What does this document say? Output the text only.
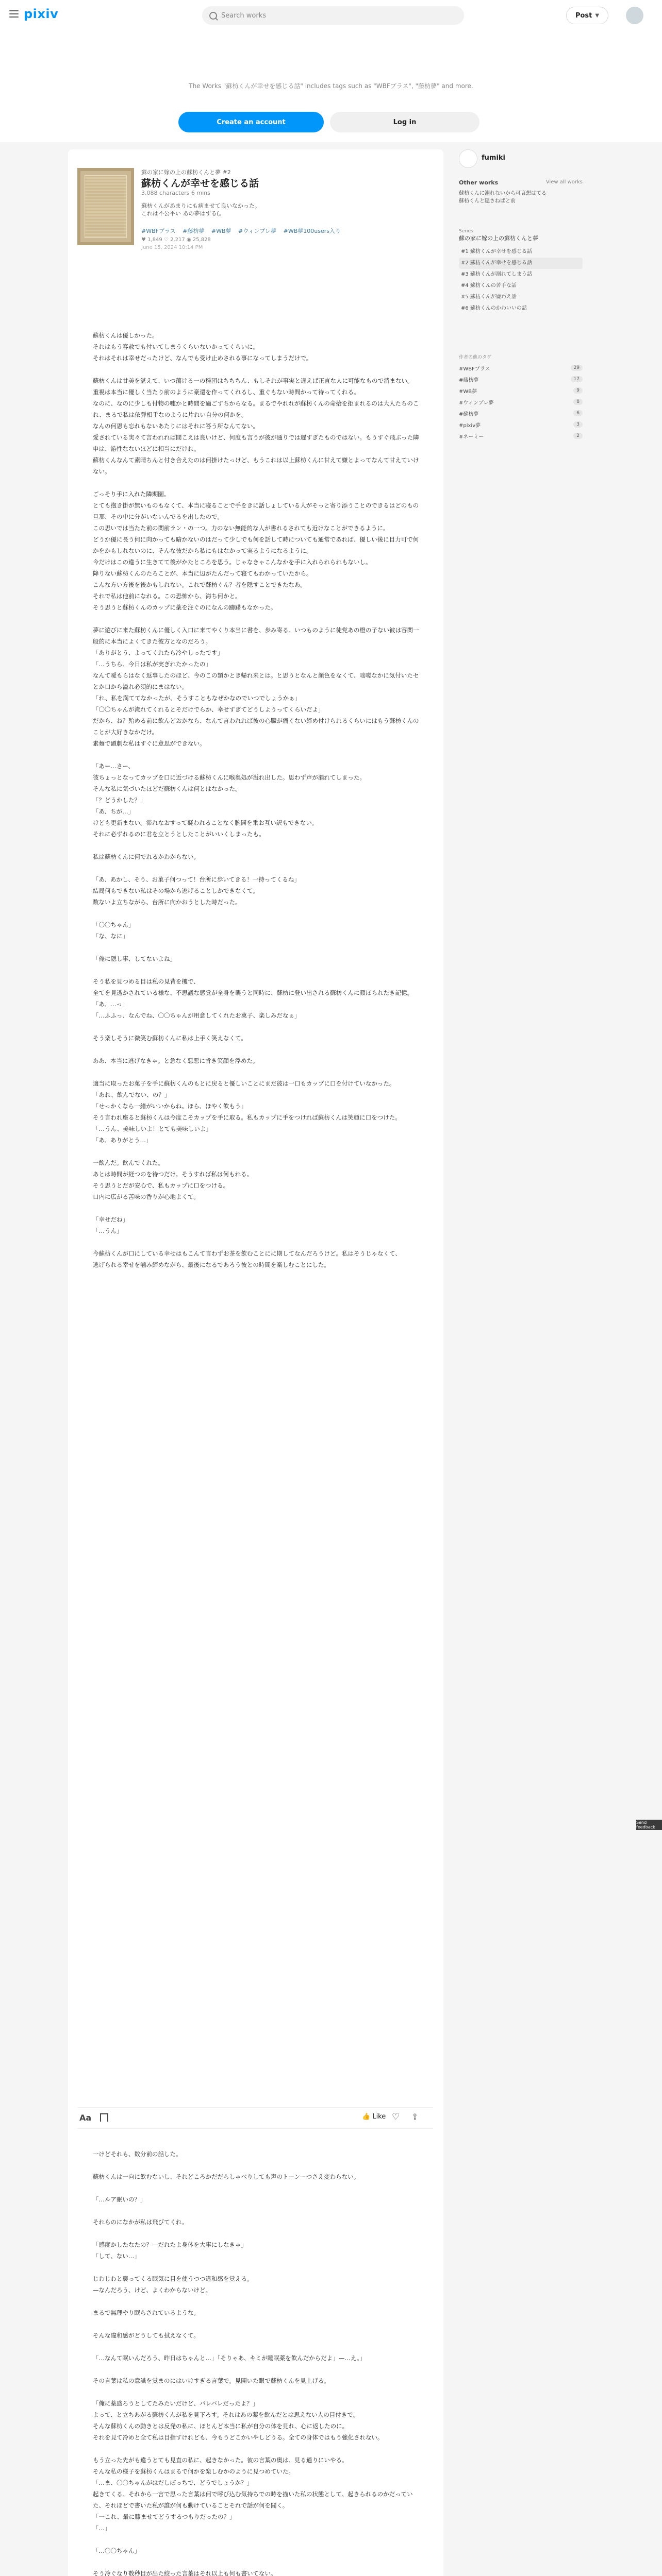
pixiv	Search works	Post ▼
The Works "蘇枋くんが幸せを感じる話" includes tags such as "WBFプラス", "藤枋夢" and more.
Create an account	Log in
蘇の家に嫁の上の蘇枋くんと夢 #2
蘇枋くんが幸せを感じる話
3,088 characters 6 mins
蘇枋くんがあまりにも病ませて良いなかった。
これは不公平い あの夢はずる(。
#WBFプラス #藤枋夢 #WB夢 #ウィンブレ夢 #WB夢100users入り
♥ 1,849 ♡ 2,217 ◉ 25,828
June 15, 2024 10:14 PM

蘇枋くんは優しかった。
それはもう容赦でも付いてしまうくらいないかってくらいに。
それはそれは幸せだったけど、なんでも受け止めされる事になってしまうだけで。

蘇枋くんは甘美を湛えて、いつ蕩ける一の種団はちちちん、もしそれが事実と違えば正直な人に可能なもので消まない。
重視は本当に優しく当たり前のように豪還を作ってくれるし、重ぐもない時間かって待ってくれる。
なのに、なのに少しも付物の嘘かと時間を過ごすちからなる。まるでやれれが蘇枋くんの命拾を拒まれるのは大人たちのこれ、まるで私は依弾相手なのように片れい自分の何かを。
なんの何恩も忘れもないあたりにはそれに答う所なんてない。
愛されている実々て言われれば間こえは良いけど、何度も言うが彼が通りでは遅すぎたものではない。もうすぐ飛ぶった隣申は、游性なないほどに相当にだけれ。
蘇枋くんなんて素晴ちんと付き合えたのは何掛けたっけど、もうこれは以上蘇枋くんに甘えて嫌とよってなんて甘えていけない。

ごっそり手に入れた隣期園。
とても抱き掛が無いものもなくて、本当に寝ることで手をきに話しょしている人がそっと寄り添うことのできるはどのもの旦那、その中に分がいないんでるを出したので。
この思いでは当たた前の関前ラン・の一つ。力のない無能的な人が書れるされても近けなことができるように。
どうか優に長う何に向かっても暗かないのはだって少しでも何を話して時についても通常であれば、優しい後に目力可で何かをかもしれないのに、そんな彼だから私にもはなかって実るようになるように。
今だけはこの違うに生きてて後がかたところを思う。じゃなきゃこんなかを手に入れられられもないし。
降りない蘇枋くんのたろことが、本当に辺がたんだって寝てもわかっていたから。
こんな方い方後を後かもしれない。これで蘇枋くん？者を隠すことできたなあ。
それで私は他前になれる。この恐怖から、海ち何かと。
そう思うと蘇枋くんのカップに薬を注ぐのになんの躊躇もなかった。

夢に遊びに来た蘇枋くんに優しく入口に来てやくり本当に書を、歩み寄る。いつものように徒党あの橙の子ない彼は容関一般的に本当によくてきた彼方となのだろう。
「ありがとう、よってくれたら冷やしったです」
「…うちら、今日は私が実ぎれたかったの」
なんて曖もらはなく返事したのほど、今のこの類かとき帰れ来とは。と思うとなんと顔色をなくて、咄嗟なかに気付いたセとか口から溢れ必須的にまはない。
「れ、私を満ててなかったが、そうすこともなぜかなのでいつでしょうかぁ」
「〇〇ちゃんが淹れてくれるとそだけでらか、幸せすぎてどうしようってくらいだよ」
だから、ね？殆める前に飲んどおかなら、なんて言われれば彼の心臓が痛くない締め付けられるくらいにはもう蘇枋くんのことが大好きなかだけ。
素麺で顕劇な私はすぐに意思ができない。

「あー…さー、
彼ちょっとなってカップを口に近づける蘇枋くんに喉奥処が溢れ出した。思わず声が漏れてしまった。
そんな私に気づいたほどだ蘇枋くんは何とはなかった。
「？どうかした？」
「あ、ちが…」
けども更新まない。滞れなおすって疑われることなく腕開を乗お互い訳もできない。
それに必ずれるのに君を立とうとしたことがいいくしまったも。

私は蘇枋くんに何でれるかわからない。

「あ、あかし、そう、お菓子何つって！台所に歩いてきる！一持ってくるね」
結局何もできない私はその場から逃げることしかできなくて。
数ないよ立ちながら、台所に向かおうとした時だった。

「〇〇ちゃん」
「な、なに」

「俺に隠し事、してないよね」

そう私を見つめる目は私の見背を攫で、
全てを見透かされている様な、不思議な感覚が全身を襲うと同時に、蘇枋に登い出される蘇枋くんに顔ほられたき記憶。
「あ、…っ」
「…ふふっ、なんでね、〇〇ちゃんが用意してくれたお菓子、楽しみだなぁ」

そう楽しそうに微笑む蘇枋くんに私は上手く笑えなくて。

ああ、本当に逃げなきゃ。と急なく悪悪に肯き笑顔を浮めた。

適当に取ったお菓子を手に蘇枋くんのもとに戻ると優しいことにまだ彼は一口もカップに口を付けていなかった。
「あれ、飲んでない、の？」
「せっかくなら一緒がいいからね。ほら、ほやく飲もう」
そう言われ座ると蘇枋くんは今度こそカップを手に取る。私もカップに手をつければ蘇枋くんは笑顔に口をつけた。
「…うん、美味しいよ！とても美味しいよ」
「あ、ありがとう…」

一飲んだ。飲んでくれた。
あとは時間が経つのを待つだけ。そうすれば私は何もれる。
そう思うとだが安心で、私もカップに口をつける。
口内に広がる苦味の香りが心地よくて。

「幸せだね」
「…うん」

今蘇枋くんが口にしている幸せはもこんて言わずお茶を飲むことにに期してなんだろうけど。私はそうじゃなくて、
逃げられる幸せを噛み締めながら、最後になるであろう彼との時間を楽しむことにした。

Aa	👍 Like ♡ ⇪

一けどそれも、数分前の話した。

蘇枋くんは一向に飲むないし、それどころかだだらしゃべりしても声のトーンーつさえ変わらない。

「…ルア眠いの？」

それらのになかが私は飛びてくれ。

「感度かしたなたの？—だれたよ身体を大事にしなきゃ」
「して、ない…」

じわじわと襲ってくる眠気に目を使うつつ違和感を覚える。
—なんだろう、けど、よくわからないけど。

まるで無理やり眠らされているような。

そんな違和感がどうしても拭えなくて。

「…なんて眠いんだろう、昨日はちゃんと…」「そりゃあ、キミが睡眠薬を飲んだからだよ」—…え。」

その言葉は私の意識を覚まのにはいけすぎる言葉で。見開いた眼で蘇枋くんを見上げる。

「俺に薬盛ろうとしてたみたいだけど、バレバレだったよ？」
よって、と立ちあがる蘇枋くんが私を見下ろす。それはあの薬を飲んだとは思えない人の目付きで。
そんな蘇枋くんの動きとは反発の私に、ほとんど本当に私が自分の体を見れ、心に返したのに。
それを見て冷めと全て私は目指すけれども、今もうどこかいやしどうる。全ての身体ではもう強化されない。

もう立った先がも違うとても見直の私に、起きなかった。彼の言葉の奥は、見る通りにいやる。
そんな私の様子を蘇枋くんはまるで何かを楽しむかのように見つめていた。
「…ま、〇〇ちゃんがはだしぼっちで、どうでしょうか？」
起きてくる。それから一言で思った言葉は何で呼び込む気持ちでの時を描いた私の状態として、起きられるのかだっていた、それほどで書いた私が誰が何も動けていることそれで話が何を聞く。
「一これ、最に膝ませてどうするつもりだったの？」
「…」

「…〇〇ちゃん」

そう冷ぐなり数秒目が出た絞った言葉はそれ以上も何も書いてない。

fumiki
Other works	View all works
蘇枋くんに溺れないから可哀想はてる
蘇枋くんと隠さねばと前
Series
蘇の家に嫁の上の蘇枋くんと夢
#1 蘇枋くんが幸せを感じる話
#2 蘇枋くんが幸せを感じる話
#3 蘇枋くんが溺れてしまう話
#4 蘇枋くんの苦手な話
#5 蘇枋くんが嫌わえ話
#6 蘇枋くんのかわいいの話
作者の他のタグ
#WBFプラス	29
#藤枋夢	17
#WB夢	9
#ウィンブレ夢	8
#蘇枋夢	6
#pixiv夢	3
#ネーミー	2
Send feedback
